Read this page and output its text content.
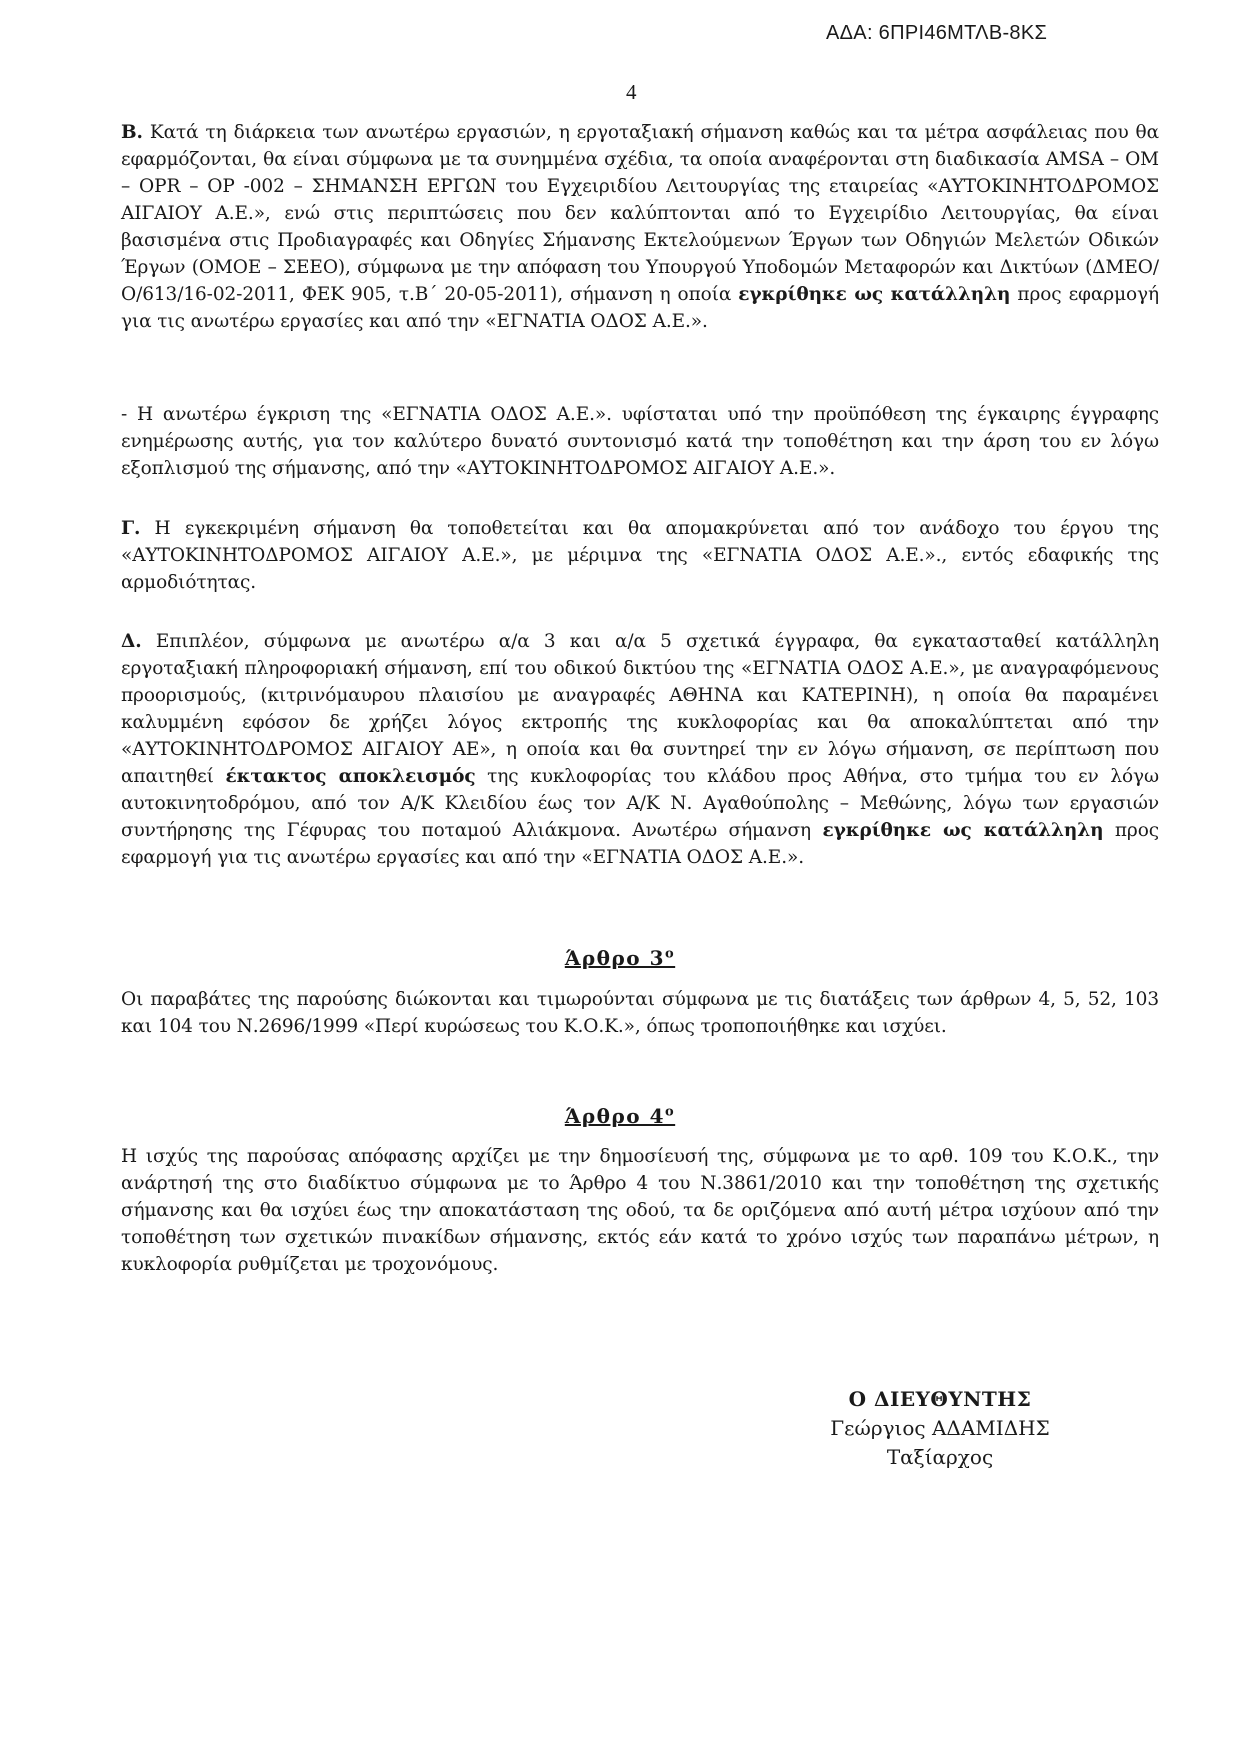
ΑΔΑ: 6ΠΡΙ46ΜΤΛΒ-8ΚΣ
4

Β. Κατά τη διάρκεια των ανωτέρω εργασιών, η εργοταξιακή σήμανση καθώς και τα μέτρα ασφάλειας που θα εφαρμόζονται, θα είναι σύμφωνα με τα συνημμένα σχέδια, τα οποία αναφέρονται στη διαδικασία AMSA – OM – OPR – OP -002 – ΣΗΜΑΝΣΗ ΕΡΓΩΝ του Εγχειριδίου Λειτουργίας της εταιρείας «ΑΥΤΟΚΙΝΗΤΟΔΡΟΜΟΣ ΑΙΓΑΙΟΥ Α.Ε.», ενώ στις περιπτώσεις που δεν καλύπτονται από το Εγχειρίδιο Λειτουργίας, θα είναι βασισμένα στις Προδιαγραφές και Οδηγίες Σήμανσης Εκτελούμενων Έργων των Οδηγιών Μελετών Οδικών Έργων (ΟΜΟΕ – ΣΕΕΟ), σύμφωνα με την απόφαση του Υπουργού Υποδομών Μεταφορών και Δικτύων (ΔΜΕΟ/Ο/613/16-02-2011, ΦΕΚ 905, τ.Β΄ 20-05-2011), σήμανση η οποία εγκρίθηκε ως κατάλληλη προς εφαρμογή για τις ανωτέρω εργασίες και από την «ΕΓΝΑΤΙΑ ΟΔΟΣ Α.Ε.».

- Η ανωτέρω έγκριση της «ΕΓΝΑΤΙΑ ΟΔΟΣ Α.Ε.». υφίσταται υπό την προϋπόθεση της έγκαιρης έγγραφης ενημέρωσης αυτής, για τον καλύτερο δυνατό συντονισμό κατά την τοποθέτηση και την άρση του εν λόγω εξοπλισμού της σήμανσης, από την «ΑΥΤΟΚΙΝΗΤΟΔΡΟΜΟΣ ΑΙΓΑΙΟΥ Α.Ε.».

Γ. Η εγκεκριμένη σήμανση θα τοποθετείται και θα απομακρύνεται από τον ανάδοχο του έργου της «ΑΥΤΟΚΙΝΗΤΟΔΡΟΜΟΣ ΑΙΓΑΙΟΥ Α.Ε.», με μέριμνα της «ΕΓΝΑΤΙΑ ΟΔΟΣ Α.Ε.»., εντός εδαφικής της αρμοδιότητας.

Δ. Επιπλέον, σύμφωνα με ανωτέρω α/α 3 και α/α 5 σχετικά έγγραφα, θα εγκατασταθεί κατάλληλη εργοταξιακή πληροφοριακή σήμανση, επί του οδικού δικτύου της «ΕΓΝΑΤΙΑ ΟΔΟΣ Α.Ε.», με αναγραφόμενους προορισμούς, (κιτρινόμαυρου πλαισίου με αναγραφές ΑΘΗΝΑ και ΚΑΤΕΡΙΝΗ), η οποία θα παραμένει καλυμμένη εφόσον δε χρήζει λόγος εκτροπής της κυκλοφορίας και θα αποκαλύπτεται από την «ΑΥΤΟΚΙΝΗΤΟΔΡΟΜΟΣ ΑΙΓΑΙΟΥ ΑΕ», η οποία και θα συντηρεί την εν λόγω σήμανση, σε περίπτωση που απαιτηθεί έκτακτος αποκλεισμός της κυκλοφορίας του κλάδου προς Αθήνα, στο τμήμα του εν λόγω αυτοκινητοδρόμου, από τον Α/Κ Κλειδίου έως τον Α/Κ Ν. Αγαθούπολης – Μεθώνης, λόγω των εργασιών συντήρησης της Γέφυρας του ποταμού Αλιάκμονα. Ανωτέρω σήμανση εγκρίθηκε ως κατάλληλη προς εφαρμογή για τις ανωτέρω εργασίες και από την «ΕΓΝΑΤΙΑ ΟΔΟΣ Α.Ε.».

Άρθρο $3^o$

Οι παραβάτες της παρούσης διώκονται και τιμωρούνται σύμφωνα με τις διατάξεις των άρθρων 4, 5, 52, 103 και 104 του Ν.2696/1999 «Περί κυρώσεως του Κ.Ο.Κ.», όπως τροποποιήθηκε και ισχύει.

Άρθρο $4^o$

Η ισχύς της παρούσας απόφασης αρχίζει με την δημοσίευσή της, σύμφωνα με το αρθ. 109 του Κ.Ο.Κ., την ανάρτησή της στο διαδίκτυο σύμφωνα με το Άρθρο 4 του Ν.3861/2010 και την τοποθέτηση της σχετικής σήμανσης και θα ισχύει έως την αποκατάσταση της οδού, τα δε οριζόμενα από αυτή μέτρα ισχύουν από την τοποθέτηση των σχετικών πινακίδων σήμανσης, εκτός εάν κατά το χρόνο ισχύς των παραπάνω μέτρων, η κυκλοφορία ρυθμίζεται με τροχονόμους.

Ο ΔΙΕΥΘΥΝΤΗΣ
Γεώργιος ΑΔΑΜΙΔΗΣ
Ταξίαρχος
